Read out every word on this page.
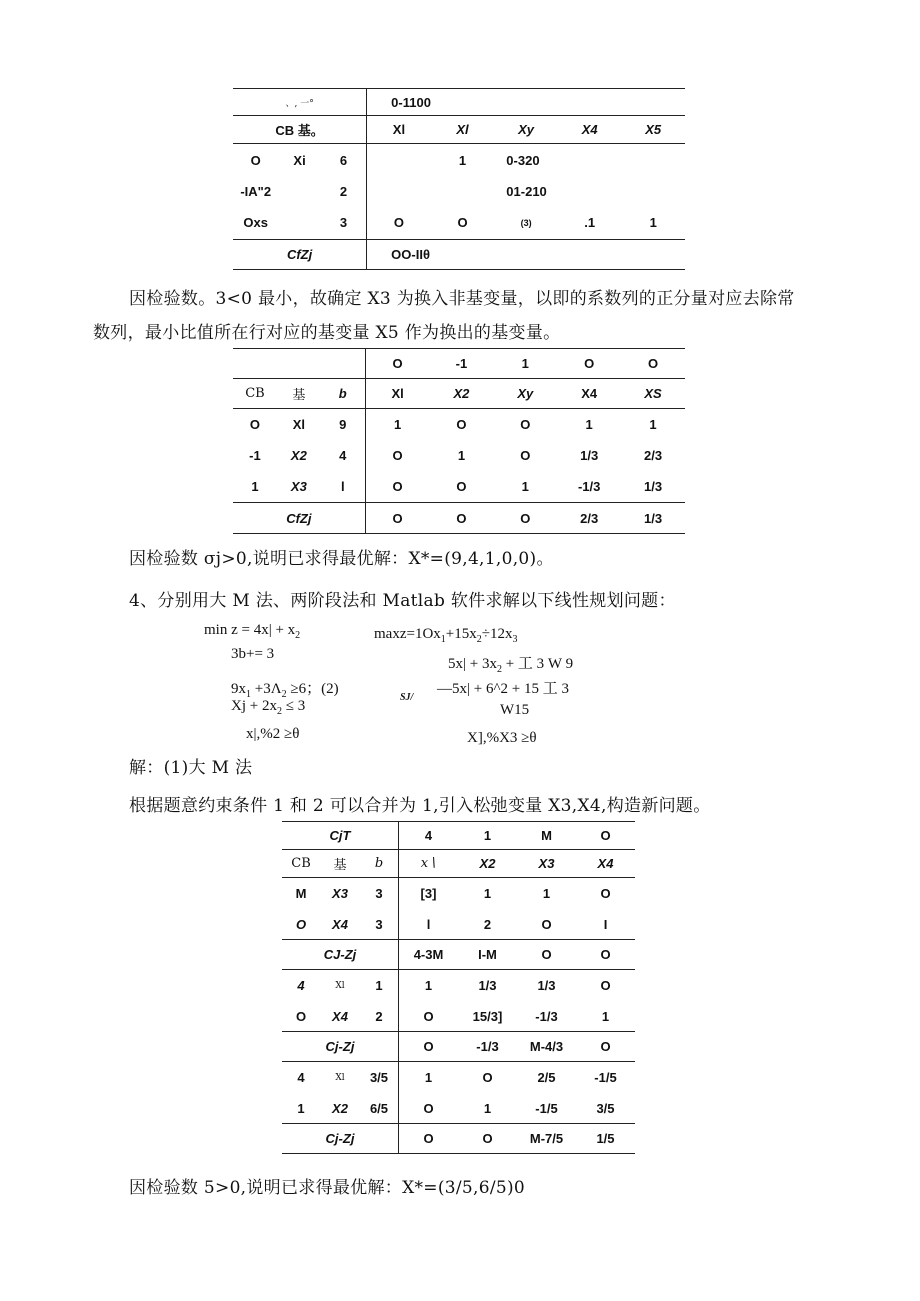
、, 一°			0-1100				
CB 基。			Xl	Xl	Xy	X4	X5
O	Xi	6		1	0-320		
-IA"2		2			01-210		
Oxs		3	O	O	(3)	.1	1
CfZj			OO-IIθ				
因检验数。3<0 最小，故确定 X3 为换入非基变量，以即的系数列的正分量对应去除常
数列，最小比值所在行对应的基变量 X5 作为换出的基变量。
			O	-1	1	O	O
CB	基	b	Xl	X2	Xy	X4	XS
O	Xl	9	1	O	O	1	1
-1	X2	4	O	1	O	1/3	2/3
1	X3	l	O	O	1	-1/3	1/3
CfZj			O	O	O	2/3	1/3
因检验数 σj>0,说明已求得最优解：X*=(9,4,1,0,0)。
4、分别用大 M 法、两阶段法和 Matlab 软件求解以下线性规划问题：
$\min z = 4x| + x_2$
3b+= 3
$9x_1 +3\Lambda_2 \ge 6$；(2)
$Xj + 2x_2 \le 3$
x|,%2 ≥θ
$\max z=1Ox_1+15x_2\div 12x_3$
$5x| + 3x_2$ + 工 3 W 9
SJ/
—5x| + 6^2 + 15 工 3
W15
X],%X3 ≥θ
解：(1)大 M 法
根据题意约束条件 1 和 2 可以合并为 1,引入松弛变量 X3,X4,构造新问题。
CjT			4	1	M	O
CB	基	b	x∖	X2	X3	X4
M	X3	3	[3]	1	1	O
O	X4	3	l	2	O	I
CJ-Zj			4-3M	I-M	O	O
4	Xl	1	1	1/3	1/3	O
O	X4	2	O	15/3]	-1/3	1
Cj-Zj			O	-1/3	M-4/3	O
4	Xl	3/5	1	O	2/5	-1/5
1	X2	6/5	O	1	-1/5	3/5
Cj-Zj			O	O	M-7/5	1/5
因检验数 5>0,说明已求得最优解：X*=(3/5,6/5)0
